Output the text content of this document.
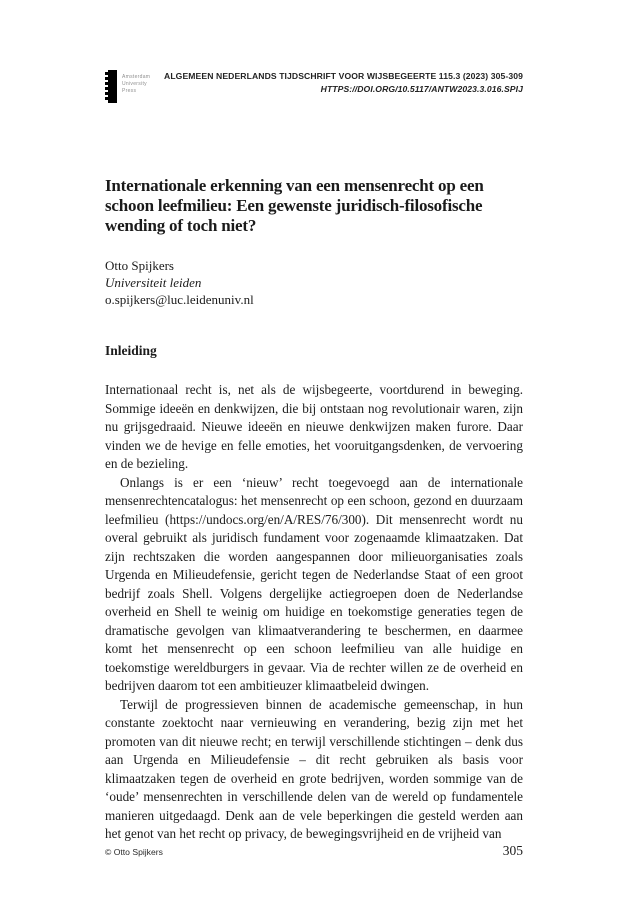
Amsterdam
University
Press
ALGEMEEN NEDERLANDS TIJDSCHRIFT VOOR WIJSBEGEERTE 115.3 (2023) 305-309
HTTPS://DOI.ORG/10.5117/ANTW2023.3.016.SPIJ
Internationale erkenning van een mensenrecht op een schoon leefmilieu: Een gewenste juridisch-filosofische wending of toch niet?
Otto Spijkers
Universiteit leiden
o.spijkers@luc.leidenuniv.nl
Inleiding

Internationaal recht is, net als de wijsbegeerte, voortdurend in beweging. Sommige ideeën en denkwijzen, die bij ontstaan nog revolutionair waren, zijn nu grijsgedraaid. Nieuwe ideeën en nieuwe denkwijzen maken furore. Daar vinden we de hevige en felle emoties, het vooruitgangsdenken, de vervoering en de bezieling.

Onlangs is er een ‘nieuw’ recht toegevoegd aan de internationale mensenrechtencatalogus: het mensenrecht op een schoon, gezond en duurzaam leefmilieu (https://undocs.org/en/A/RES/76/300). Dit mensenrecht wordt nu overal gebruikt als juridisch fundament voor zogenaamde klimaatzaken. Dat zijn rechtszaken die worden aangespannen door milieuorganisaties zoals Urgenda en Milieudefensie, gericht tegen de Nederlandse Staat of een groot bedrijf zoals Shell. Volgens dergelijke actiegroepen doen de Nederlandse overheid en Shell te weinig om huidige en toekomstige generaties tegen de dramatische gevolgen van klimaatverandering te beschermen, en daarmee komt het mensenrecht op een schoon leefmilieu van alle huidige en toekomstige wereldburgers in gevaar. Via de rechter willen ze de overheid en bedrijven daarom tot een ambitieuzer klimaatbeleid dwingen.

Terwijl de progressieven binnen de academische gemeenschap, in hun constante zoektocht naar vernieuwing en verandering, bezig zijn met het promoten van dit nieuwe recht; en terwijl verschillende stichtingen – denk dus aan Urgenda en Milieudefensie – dit recht gebruiken als basis voor klimaatzaken tegen de overheid en grote bedrijven, worden sommige van de ‘oude’ mensenrechten in verschillende delen van de wereld op fundamentele manieren uitgedaagd. Denk aan de vele beperkingen die gesteld werden aan het genot van het recht op privacy, de bewegingsvrijheid en de vrijheid van

© Otto Spijkers	305
